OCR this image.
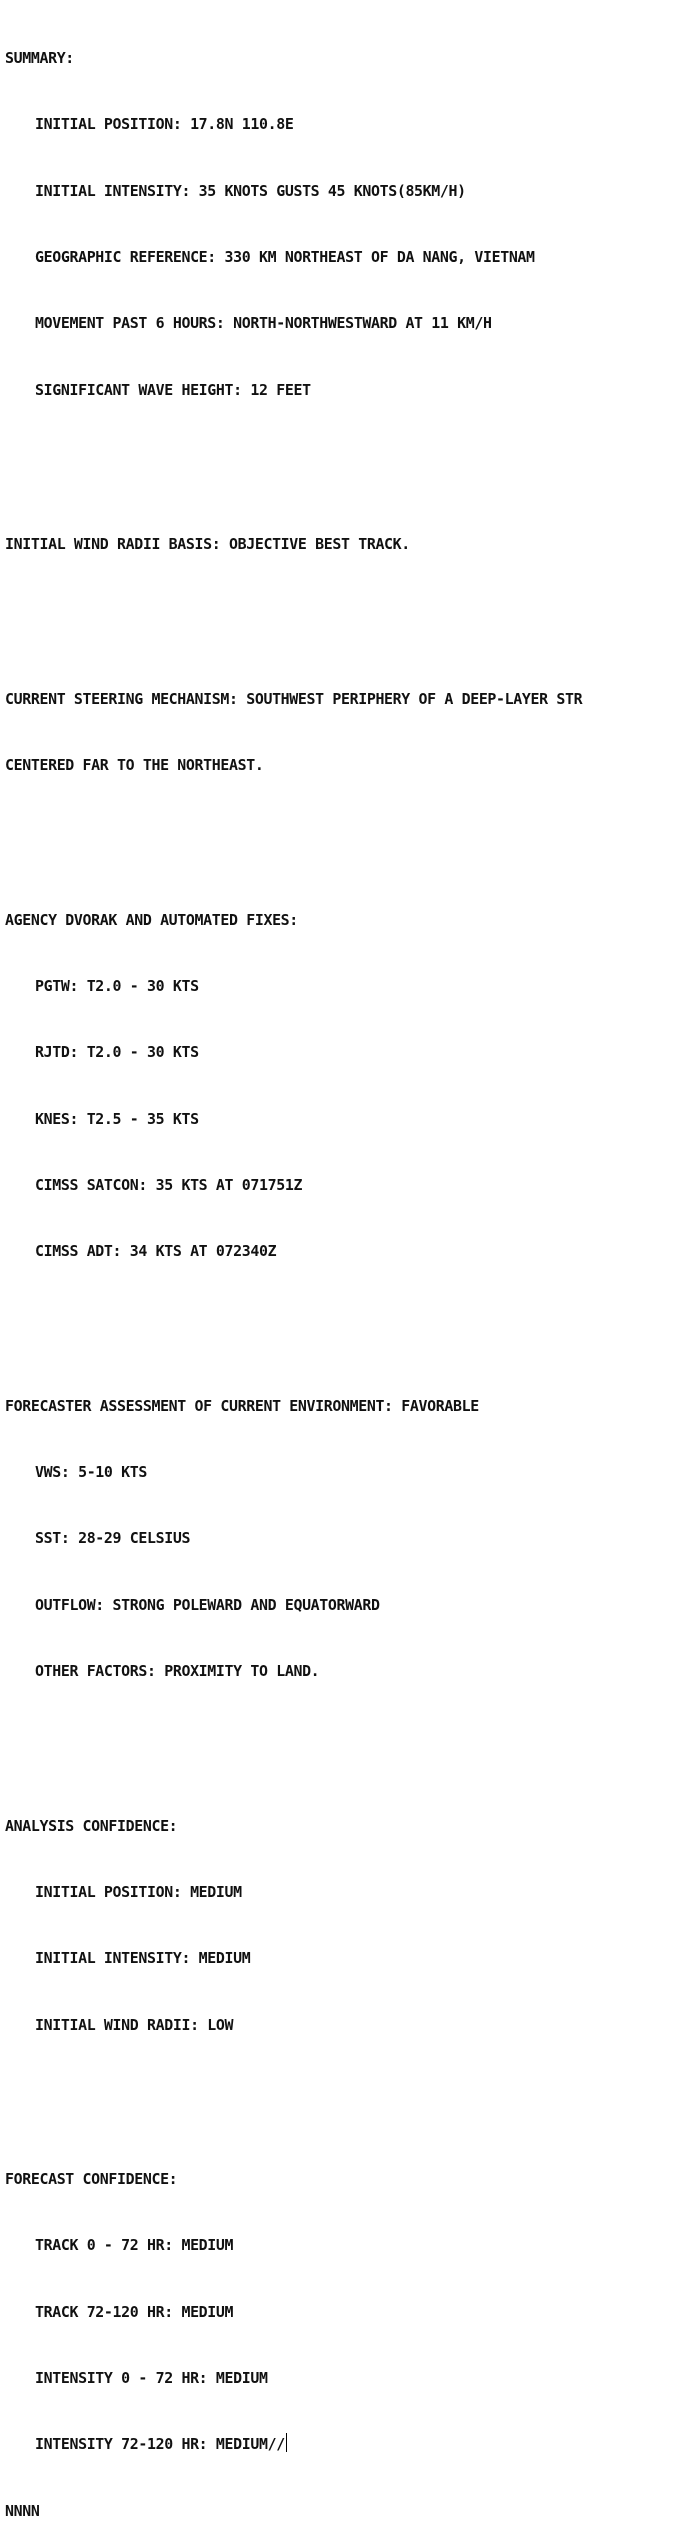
SUMMARY:

INITIAL POSITION: 17.8N 110.8E

INITIAL INTENSITY: 35 KNOTS GUSTS 45 KNOTS(85KM/H)

GEOGRAPHIC REFERENCE: 330 KM NORTHEAST OF DA NANG, VIETNAM

MOVEMENT PAST 6 HOURS: NORTH-NORTHWESTWARD AT 11 KM/H

SIGNIFICANT WAVE HEIGHT: 12 FEET

INITIAL WIND RADII BASIS: OBJECTIVE BEST TRACK.

CURRENT STEERING MECHANISM: SOUTHWEST PERIPHERY OF A DEEP-LAYER STR

CENTERED FAR TO THE NORTHEAST.

AGENCY DVORAK AND AUTOMATED FIXES:

PGTW: T2.0 - 30 KTS

RJTD: T2.0 - 30 KTS

KNES: T2.5 - 35 KTS

CIMSS SATCON: 35 KTS AT 071751Z

CIMSS ADT: 34 KTS AT 072340Z

FORECASTER ASSESSMENT OF CURRENT ENVIRONMENT: FAVORABLE

VWS: 5-10 KTS

SST: 28-29 CELSIUS

OUTFLOW: STRONG POLEWARD AND EQUATORWARD

OTHER FACTORS: PROXIMITY TO LAND.

ANALYSIS CONFIDENCE:

INITIAL POSITION: MEDIUM

INITIAL INTENSITY: MEDIUM

INITIAL WIND RADII: LOW

FORECAST CONFIDENCE:

TRACK 0 - 72 HR: MEDIUM

TRACK 72-120 HR: MEDIUM

INTENSITY 0 - 72 HR: MEDIUM

INTENSITY 72-120 HR: MEDIUM//

NNNN
